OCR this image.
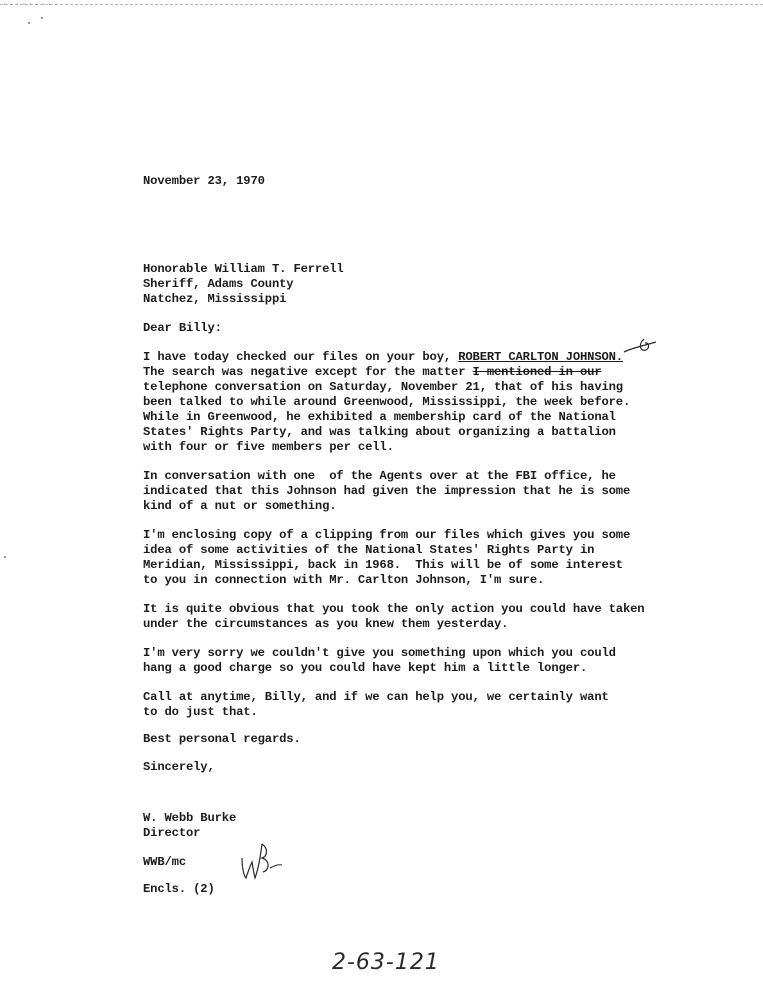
·········

November 23, 1970

Honorable William T. Ferrell

Sheriff, Adams County

Natchez, Mississippi

Dear Billy:

I have today checked our files on your boy, ROBERT CARLTON JOHNSON.
The search was negative except for the matter I mentioned in our
telephone conversation on Saturday, November 21, that of his having
been talked to while around Greenwood, Mississippi, the week before.
While in Greenwood, he exhibited a membership card of the National
States' Rights Party, and was talking about organizing a battalion
with four or five members per cell.

In conversation with one  of the Agents over at the FBI office, he
indicated that this Johnson had given the impression that he is some
kind of a nut or something.

I'm enclosing copy of a clipping from our files which gives you some
idea of some activities of the National States' Rights Party in
Meridian, Mississippi, back in 1968.  This will be of some interest
to you in connection with Mr. Carlton Johnson, I'm sure.

It is quite obvious that you took the only action you could have taken
under the circumstances as you knew them yesterday.

I'm very sorry we couldn't give you something upon which you could
hang a good charge so you could have kept him a little longer.

Call at anytime, Billy, and if we can help you, we certainly want
to do just that.

Best personal regards.

Sincerely,

W. Webb Burke

Director

WWB/mc

Encls. (2)

2-63-121
